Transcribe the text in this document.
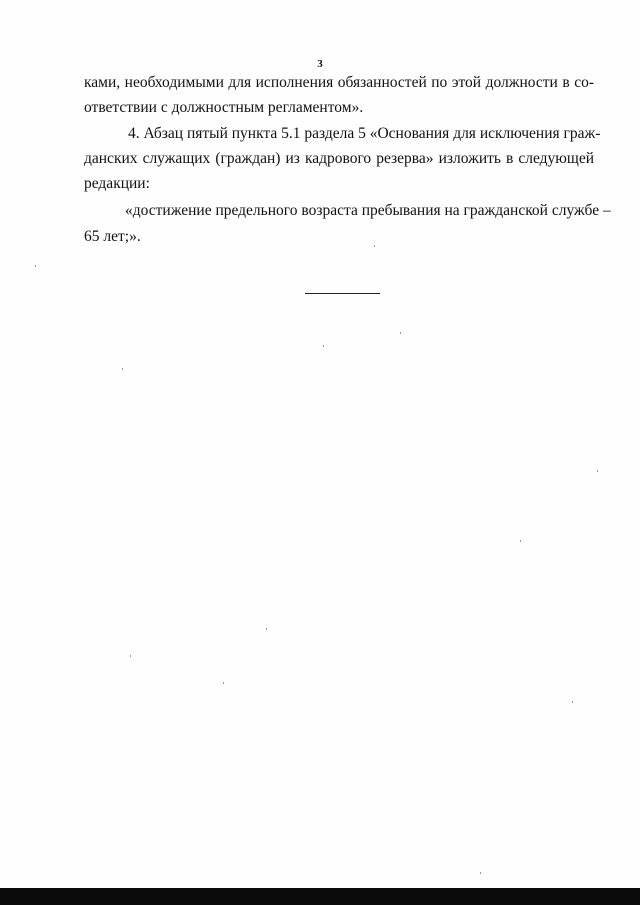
3
ками, необходимыми для исполнения обязанностей по этой должности в со-
ответствии с должностным регламентом».
4. Абзац пятый пункта 5.1 раздела 5 «Основания для исключения граж-
данских служащих (граждан) из кадрового резерва» изложить в следующей
редакции:
«достижение предельного возраста пребывания на гражданской службе –
65 лет;».
